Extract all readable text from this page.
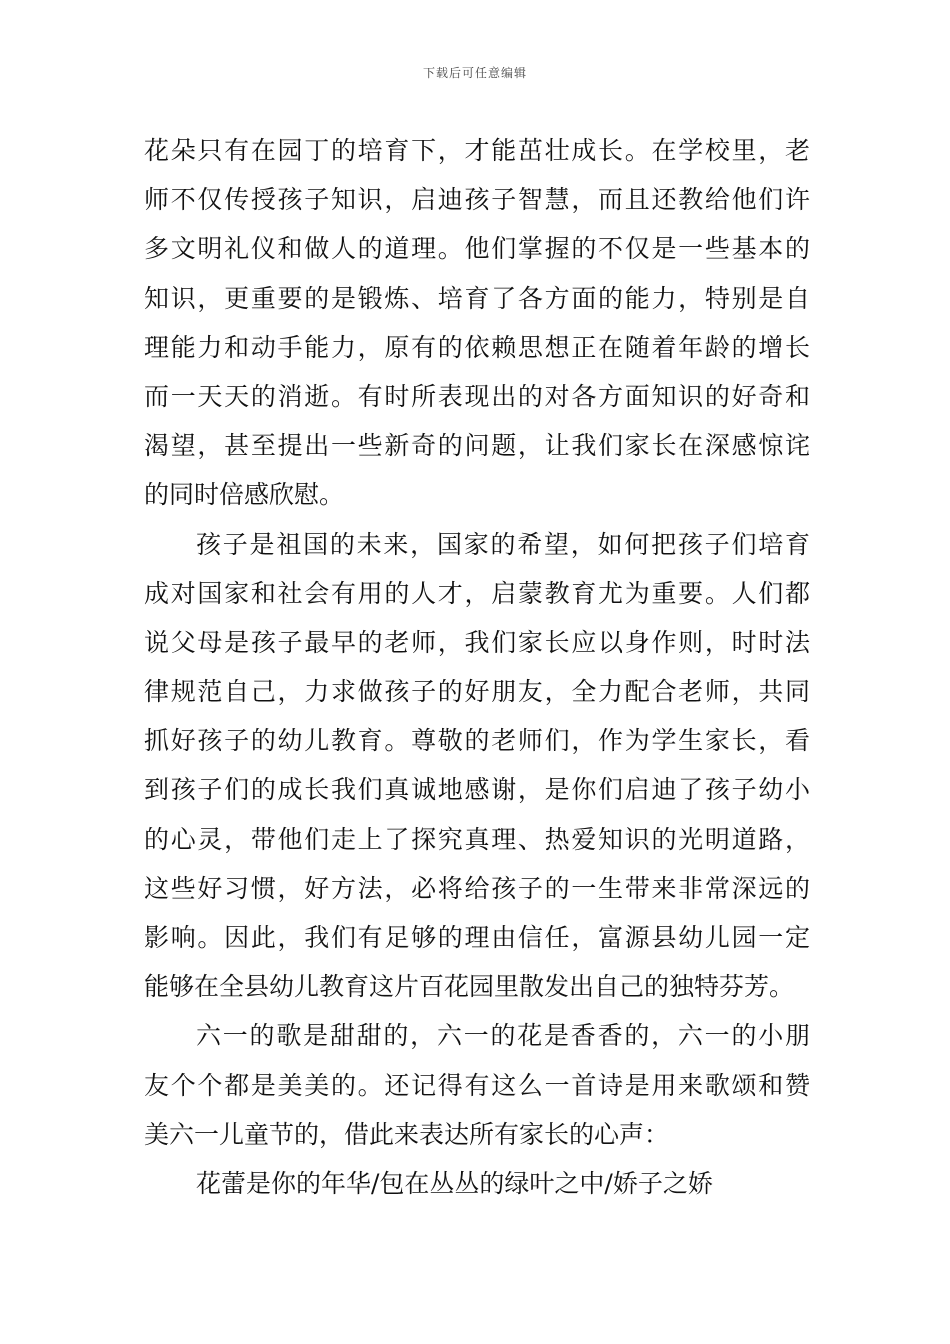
下载后可任意编辑
花朵只有在园丁的培育下，才能茁壮成长。在学校里，老
师不仅传授孩子知识，启迪孩子智慧，而且还教给他们许
多文明礼仪和做人的道理。他们掌握的不仅是一些基本的
知识，更重要的是锻炼、培育了各方面的能力，特别是自
理能力和动手能力，原有的依赖思想正在随着年龄的增长
而一天天的消逝。有时所表现出的对各方面知识的好奇和
渴望，甚至提出一些新奇的问题，让我们家长在深感惊诧
的同时倍感欣慰。
孩子是祖国的未来，国家的希望，如何把孩子们培育
成对国家和社会有用的人才，启蒙教育尤为重要。人们都
说父母是孩子最早的老师，我们家长应以身作则，时时法
律规范自己，力求做孩子的好朋友，全力配合老师，共同
抓好孩子的幼儿教育。尊敬的老师们，作为学生家长，看
到孩子们的成长我们真诚地感谢，是你们启迪了孩子幼小
的心灵，带他们走上了探究真理、热爱知识的光明道路，
这些好习惯，好方法，必将给孩子的一生带来非常深远的
影响。因此，我们有足够的理由信任，富源县幼儿园一定
能够在全县幼儿教育这片百花园里散发出自己的独特芬芳。
六一的歌是甜甜的，六一的花是香香的，六一的小朋
友个个都是美美的。还记得有这么一首诗是用来歌颂和赞
美六一儿童节的，借此来表达所有家长的心声：
花蕾是你的年华/包在丛丛的绿叶之中/娇子之娇
